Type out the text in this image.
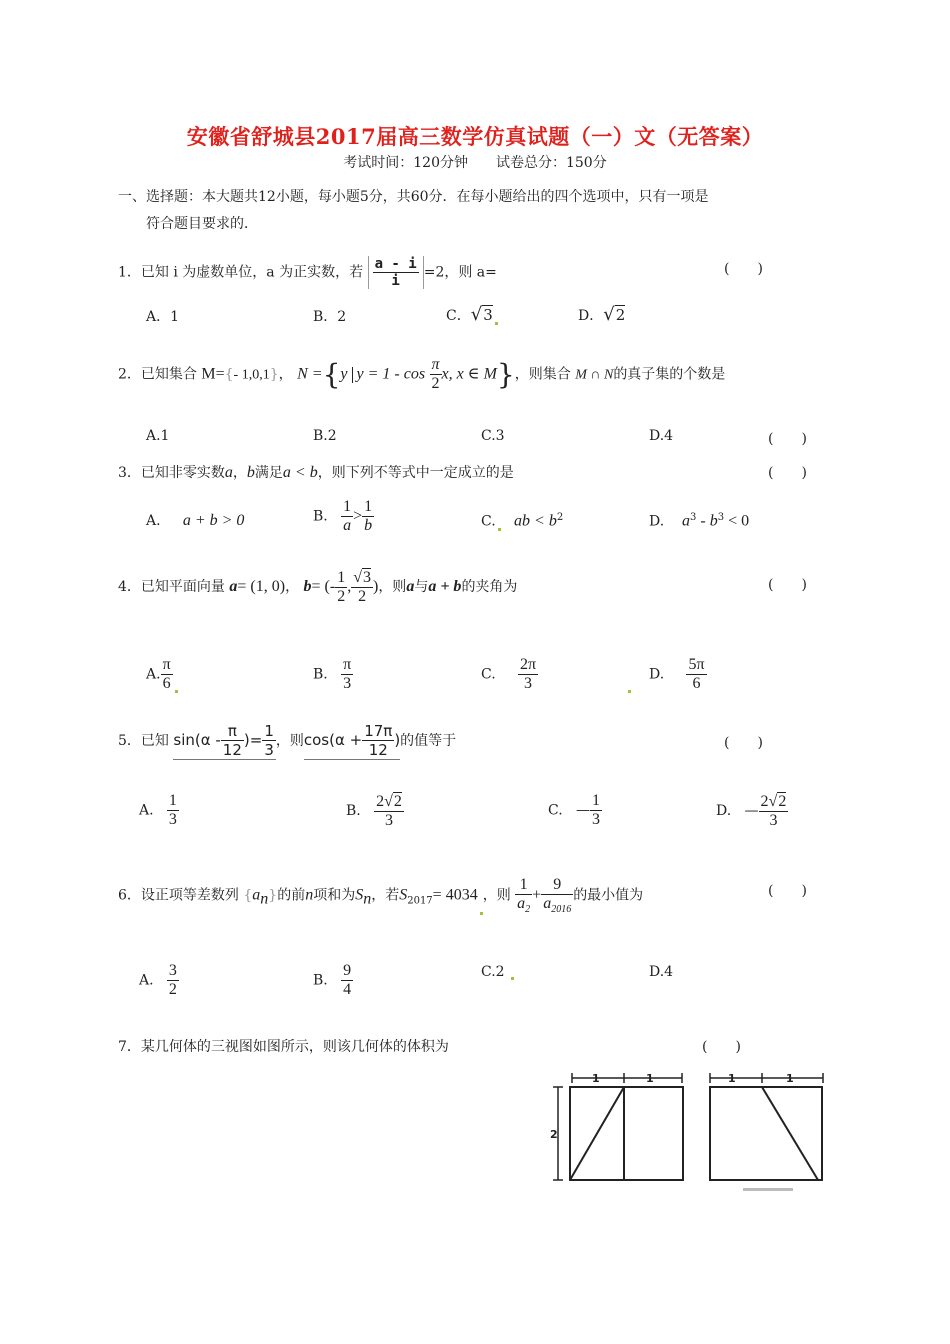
安徽省舒城县2017届高三数学仿真试题（一）文（无答案）
考试时间：120分钟　　试卷总分：150分
一、选择题：本大题共12小题，每小题5分，共60分．在每小题给出的四个选项中，只有一项是
符合题目要求的．
1．已知 i 为虚数单位，a 为正实数，若 $\frac{a - i}{i} =2$，则 a=	(　　)
A．1	B．2	C．√3	D．√2
2．已知集合 M={- 1,0,1}， N ={y $y = 1 - \cos \frac{\pi}{2} x$, x ∈ M}，则集合 M ∩ N的真子集的个数是
A.1	B.2	C.3	D.4	(　　)
3．已知非零实数a，b满足a < b，则下列不等式中一定成立的是	(　　)
A. a + b > 0	B. $\frac{1}{a} > \frac{1}{b}$	C. ab < $b^2$	D. $a^3 - b^3 < 0$
4．已知平面向量 a= (1, 0)， b= (- $\frac{1}{2}$ , $\frac{√3}{2}$ )，则a与a + b的夹角为	(　　)
A. $\frac{\pi}{6}$	B. $\frac{\pi}{3}$	C. $\frac{2\pi}{3}$	D. $\frac{5\pi}{6}$
5．已知 $\sin(\alpha - \frac{\pi}{12}$ )= $\frac{1}{3}$ ，则$\cos(\alpha + \frac{17\pi}{12}$ )的值等于	(　　)
A. $\frac{1}{3}$	B. $\frac{2√2}{3}$	C. — $\frac{1}{3}$	D. — $\frac{2√2}{3}$
6．设正项等差数列 $\{a_n\}$的前n项和为$S_n$，若$S_{2017}= 4034$ ，则 $\frac{1}{a_2} + \frac{9}{a_{2016}}$ 的最小值为	(　　)
A. $\frac{3}{2}$	B. $\frac{9}{4}$	C.2	D.4
7．某几何体的三视图如图所示，则该几何体的体积为	(　　)
1	1	1	1
2
